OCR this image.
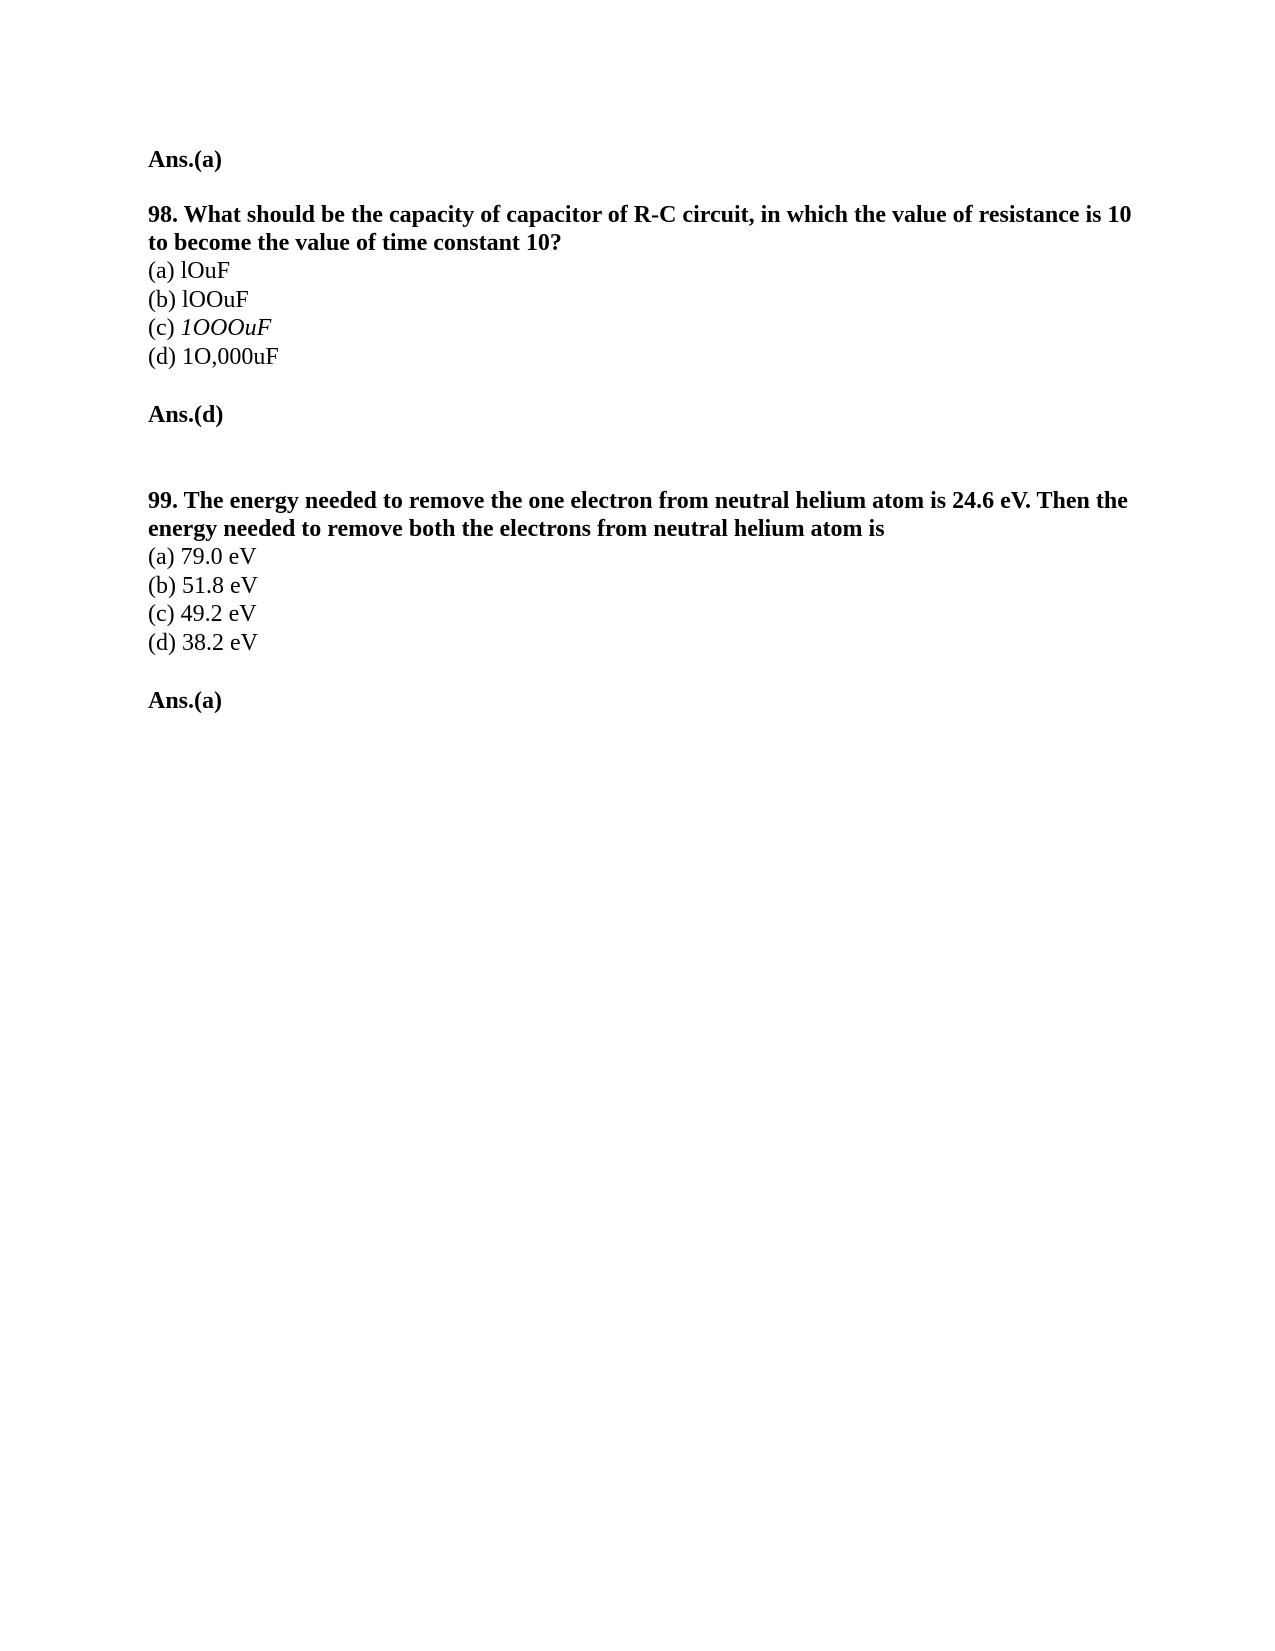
Ans.(a)

98. What should be the capacity of capacitor of R-C circuit, in which the value of resistance is 10 to become the value of time constant 10?

(a) lOuF
(b) lOOuF
(c) 1OOOuF
(d) 1O,000uF

Ans.(d)

99. The energy needed to remove the one electron from neutral helium atom is 24.6 eV. Then the energy needed to remove both the electrons from neutral helium atom is

(a) 79.0 eV
(b) 51.8 eV
(c) 49.2 eV
(d) 38.2 eV

Ans.(a)
